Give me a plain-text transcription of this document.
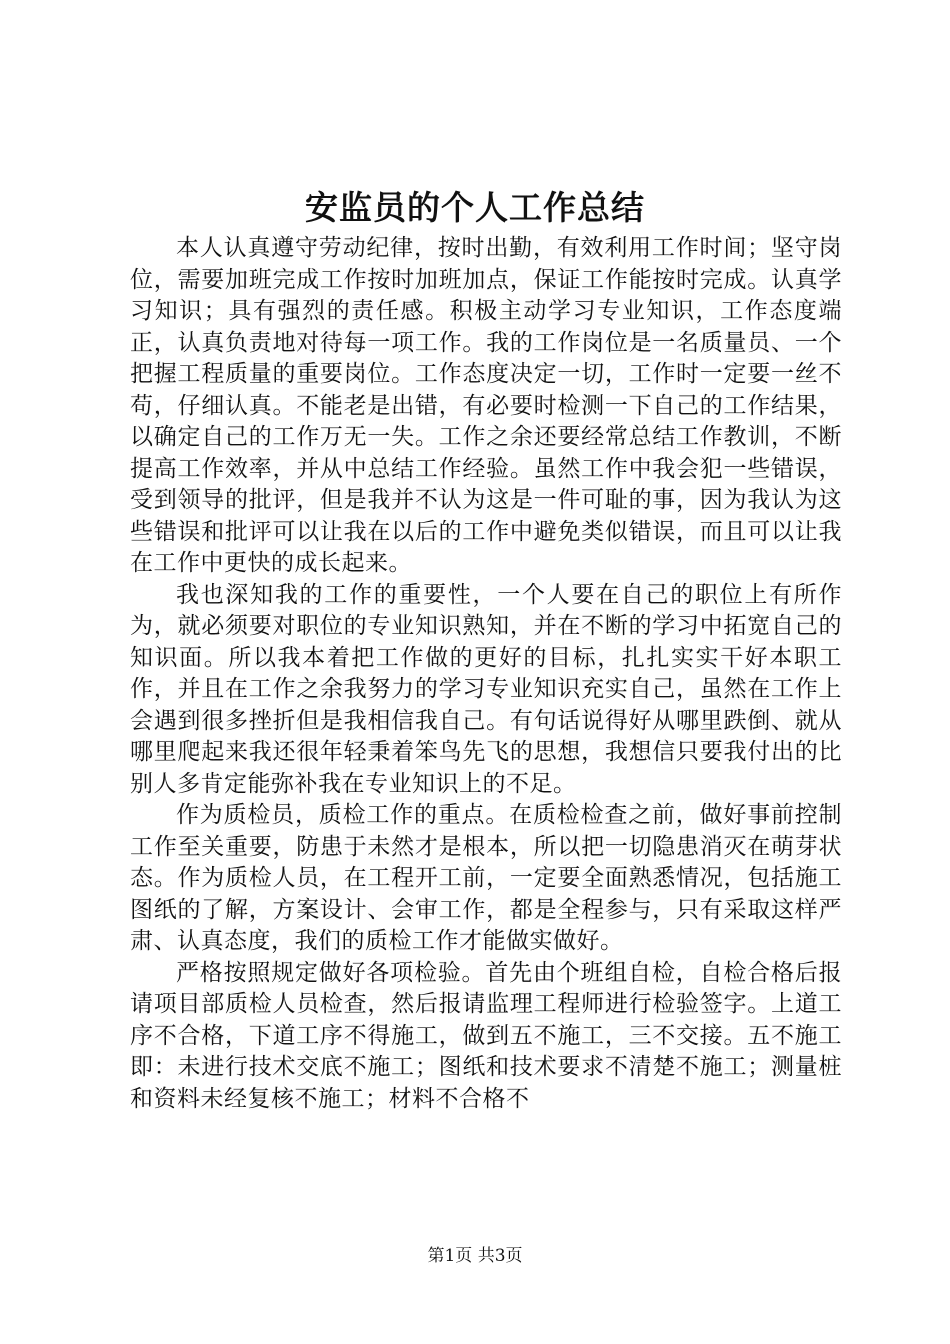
安监员的个人工作总结

本人认真遵守劳动纪律，按时出勤，有效利用工作时间；坚守岗位，需要加班完成工作按时加班加点，保证工作能按时完成。认真学习知识；具有强烈的责任感。积极主动学习专业知识，工作态度端正，认真负责地对待每一项工作。我的工作岗位是一名质量员、一个把握工程质量的重要岗位。工作态度决定一切，工作时一定要一丝不苟，仔细认真。不能老是出错，有必要时检测一下自己的工作结果，以确定自己的工作万无一失。工作之余还要经常总结工作教训，不断提高工作效率，并从中总结工作经验。虽然工作中我会犯一些错误，受到领导的批评，但是我并不认为这是一件可耻的事，因为我认为这些错误和批评可以让我在以后的工作中避免类似错误，而且可以让我在工作中更快的成长起来。

我也深知我的工作的重要性，一个人要在自己的职位上有所作为，就必须要对职位的专业知识熟知，并在不断的学习中拓宽自己的知识面。所以我本着把工作做的更好的目标，扎扎实实干好本职工作，并且在工作之余我努力的学习专业知识充实自己，虽然在工作上会遇到很多挫折但是我相信我自己。有句话说得好从哪里跌倒、就从哪里爬起来我还很年轻秉着笨鸟先飞的思想，我想信只要我付出的比别人多肯定能弥补我在专业知识上的不足。

作为质检员，质检工作的重点。在质检检查之前，做好事前控制工作至关重要，防患于未然才是根本，所以把一切隐患消灭在萌芽状态。作为质检人员，在工程开工前，一定要全面熟悉情况，包括施工图纸的了解，方案设计、会审工作，都是全程参与，只有采取这样严肃、认真态度，我们的质检工作才能做实做好。

严格按照规定做好各项检验。首先由个班组自检，自检合格后报请项目部质检人员检查，然后报请监理工程师进行检验签字。上道工序不合格，下道工序不得施工，做到五不施工，三不交接。五不施工即：未进行技术交底不施工；图纸和技术要求不清楚不施工；测量桩和资料未经复核不施工；材料不合格不

第1页 共3页
